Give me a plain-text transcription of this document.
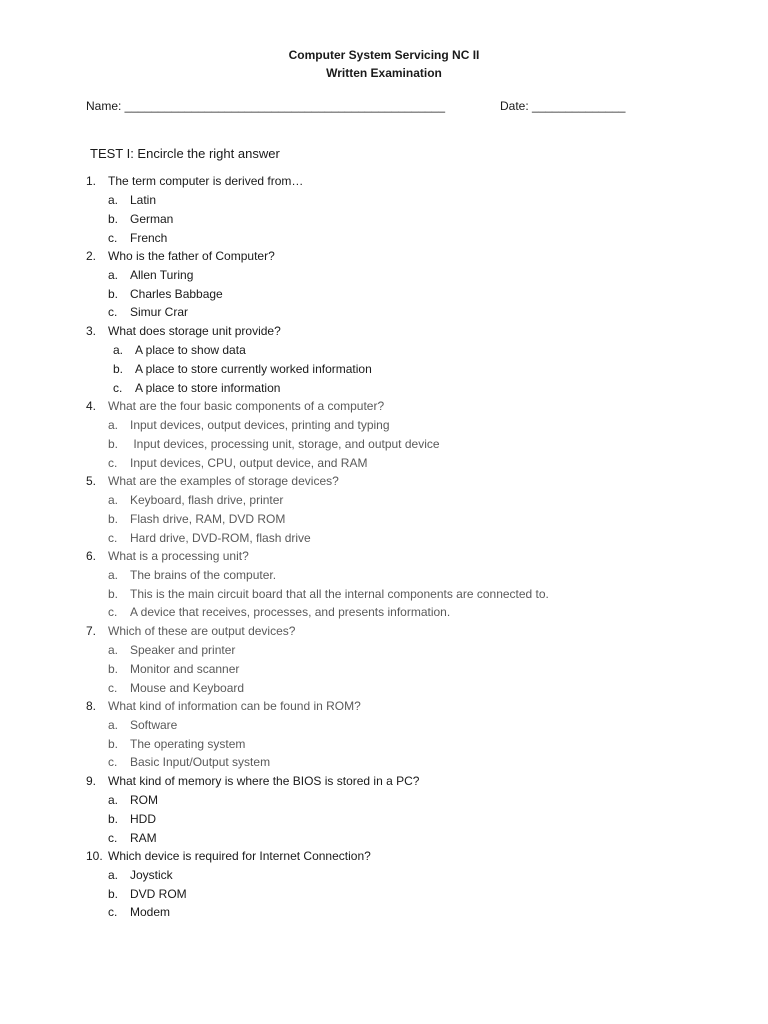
Computer System Servicing NC II
Written Examination
Name: ________________________________________________	Date: ______________
TEST I: Encircle the right answer
1. The term computer is derived from…
a. Latin
b. German
c. French
2. Who is the father of Computer?
a. Allen Turing
b. Charles Babbage
c. Simur Crar
3. What does storage unit provide?
a. A place to show data
b. A place to store currently worked information
c. A place to store information
4. What are the four basic components of a computer?
a. Input devices, output devices, printing and typing
b. Input devices, processing unit, storage, and output device
c. Input devices, CPU, output device, and RAM
5. What are the examples of storage devices?
a. Keyboard, flash drive, printer
b. Flash drive, RAM, DVD ROM
c. Hard drive, DVD-ROM, flash drive
6. What is a processing unit?
a. The brains of the computer.
b. This is the main circuit board that all the internal components are connected to.
c. A device that receives, processes, and presents information.
7. Which of these are output devices?
a. Speaker and printer
b. Monitor and scanner
c. Mouse and Keyboard
8. What kind of information can be found in ROM?
a. Software
b. The operating system
c. Basic Input/Output system
9. What kind of memory is where the BIOS is stored in a PC?
a. ROM
b. HDD
c. RAM
10. Which device is required for Internet Connection?
a. Joystick
b. DVD ROM
c. Modem
